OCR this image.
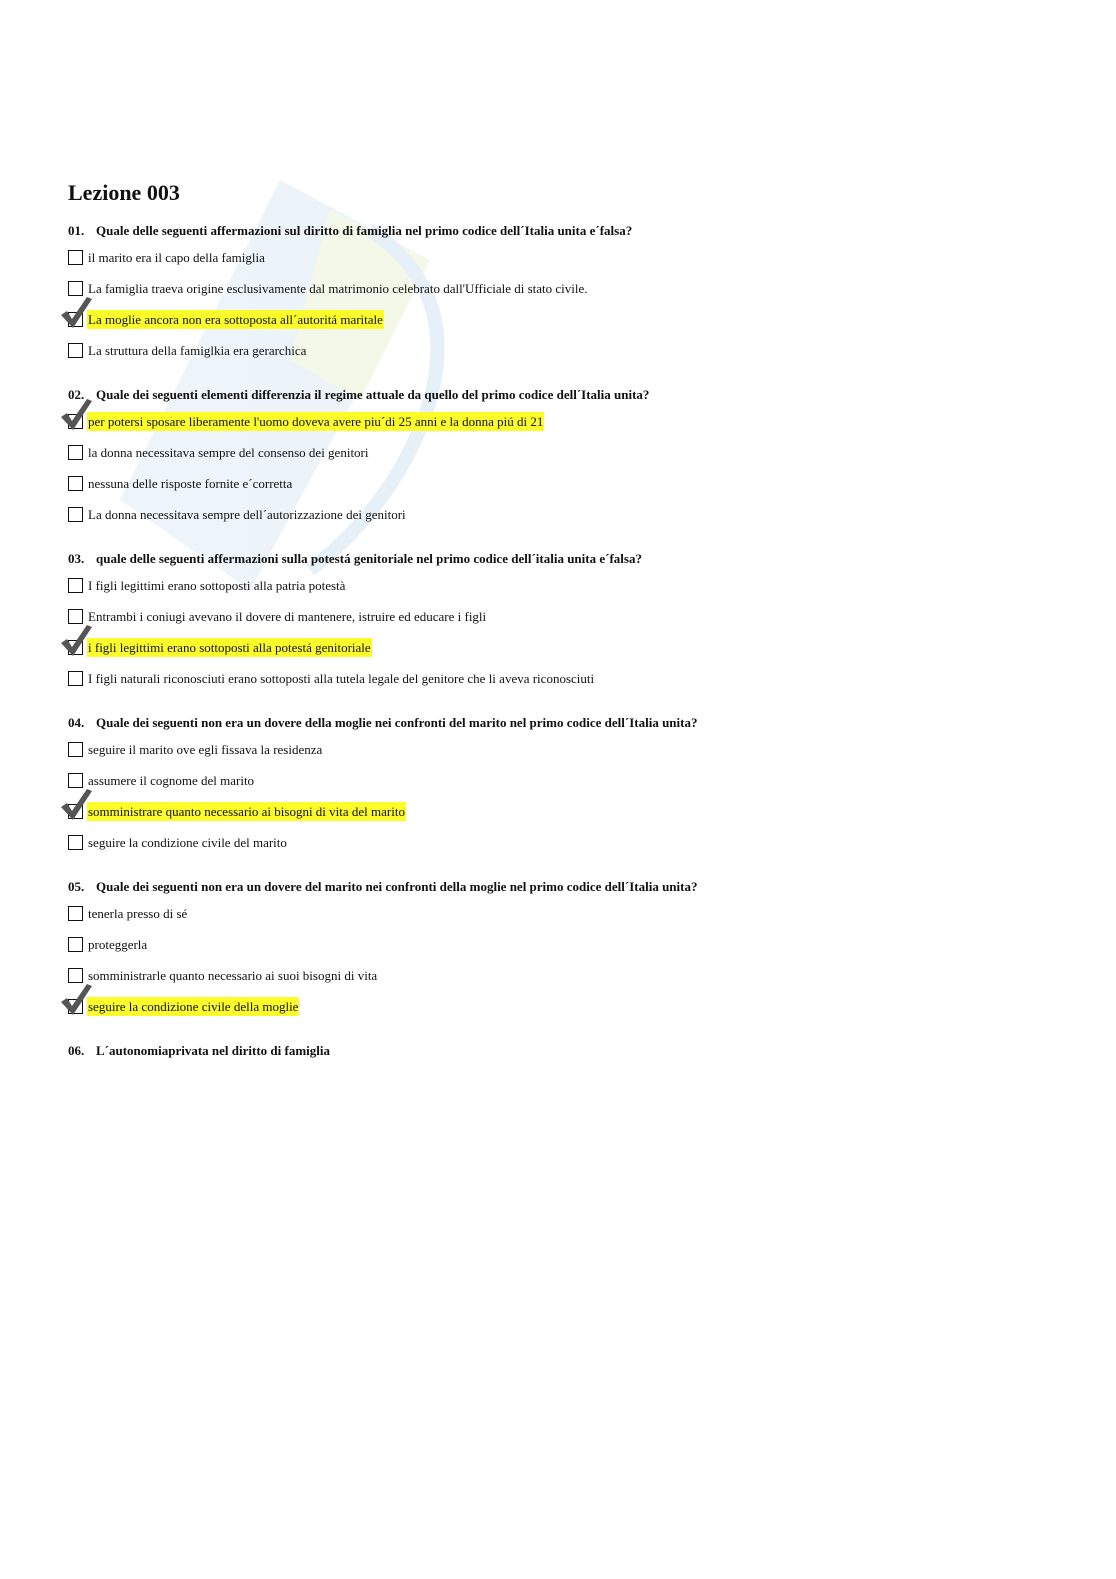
Lezione 003
01. Quale delle seguenti affermazioni sul diritto di famiglia nel primo codice dell´Italia unita e´falsa?
il marito era il capo della famiglia
La famiglia traeva origine esclusivamente dal matrimonio celebrato dall'Ufficiale di stato civile.
La moglie ancora non era sottoposta all´autoritá maritale
La struttura della famiglkia era gerarchica
02. Quale dei seguenti elementi differenzia il regime attuale da quello del primo codice dell´Italia unita?
per potersi sposare liberamente l'uomo doveva avere piu´di 25 anni e la donna piú di 21
la donna necessitava sempre del consenso dei genitori
nessuna delle risposte fornite e´corretta
La donna necessitava sempre dell´autorizzazione dei genitori
03. quale delle seguenti affermazioni sulla potestá genitoriale nel primo codice dell´italia unita e´falsa?
I figli legittimi erano sottoposti alla patria potestà
Entrambi i coniugi avevano il dovere di mantenere, istruire ed educare i figli
i figli legittimi erano sottoposti alla potestá genitoriale
I figli naturali riconosciuti erano sottoposti alla tutela legale del genitore che li aveva riconosciuti
04. Quale dei seguenti non era un dovere della moglie nei confronti del marito nel primo codice dell´Italia unita?
seguire il marito ove egli fissava la residenza
assumere il cognome del marito
somministrare quanto necessario ai bisogni di vita del marito
seguire la condizione civile del marito
05. Quale dei seguenti non era un dovere del marito nei confronti della moglie nel primo codice dell´Italia unita?
tenerla presso di sé
proteggerla
somministrarle quanto necessario ai suoi bisogni di vita
seguire la condizione civile della moglie
06. L´autonomiaprivata nel diritto di famiglia
